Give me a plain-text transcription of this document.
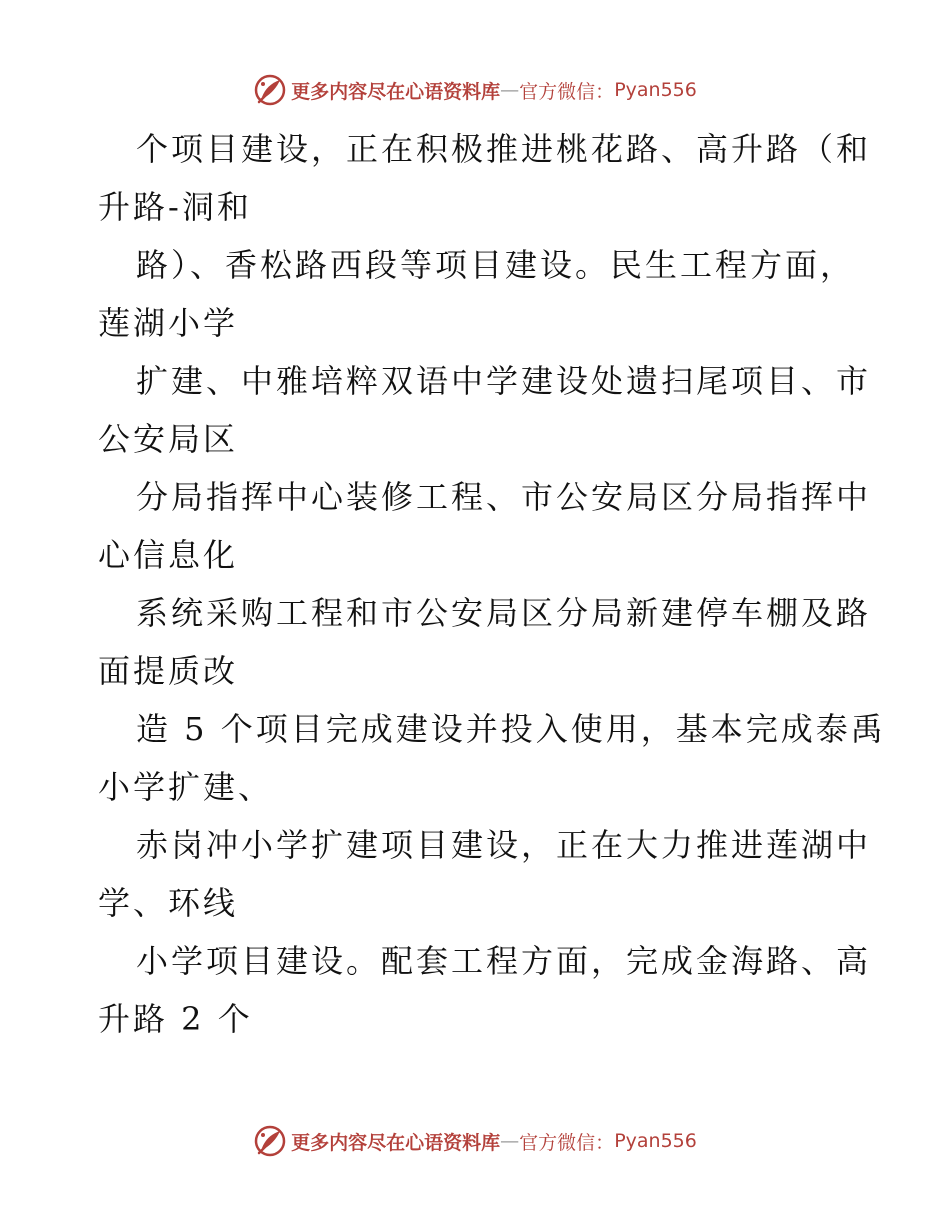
更多内容尽在心语资料库 — 官方微信： Pyan556
个项目建设，正在积极推进桃花路、高升路（和
升路-洞和
路）、香松路西段等项目建设。民生工程方面，
莲湖小学
扩建、中雅培粹双语中学建设处遗扫尾项目、市
公安局区
分局指挥中心装修工程、市公安局区分局指挥中
心信息化
系统采购工程和市公安局区分局新建停车棚及路
面提质改
造 5 个项目完成建设并投入使用，基本完成泰禹
小学扩建、
赤岗冲小学扩建项目建设，正在大力推进莲湖中
学、环线
小学项目建设。配套工程方面，完成金海路、高
升路 2 个
更多内容尽在心语资料库 — 官方微信： Pyan556
